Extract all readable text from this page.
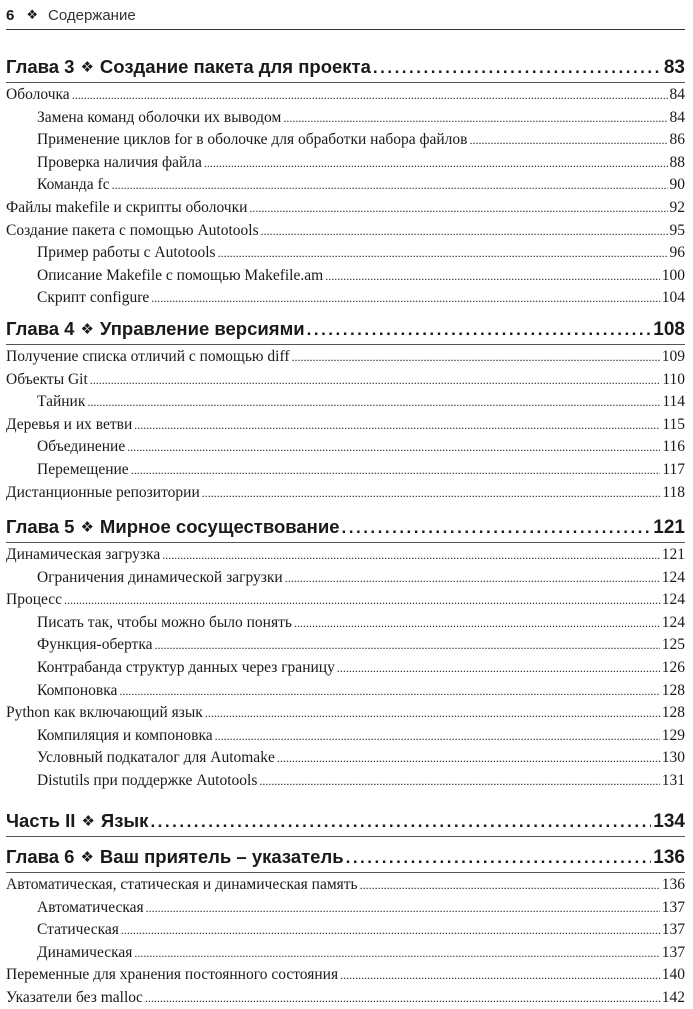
6 ❖ Содержание
Глава 3 ❖ Создание пакета для проекта .....	83
Оболочка .....	84
Замена команд оболочки их выводом .....	84
Применение циклов for в оболочке для обработки набора файлов .....	86
Проверка наличия файла .....	88
Команда fc .....	90
Файлы makefile и скрипты оболочки .....	92
Создание пакета с помощью Autotools .....	95
Пример работы с Autotools .....	96
Описание Makefile с помощью Makefile.am .....	100
Скрипт configure .....	104
Глава 4 ❖ Управление версиями .....	108
Получение списка отличий с помощью diff .....	109
Объекты Git .....	110
Тайник .....	114
Деревья и их ветви .....	115
Объединение .....	116
Перемещение .....	117
Дистанционные репозитории .....	118
Глава 5 ❖ Мирное сосуществование .....	121
Динамическая загрузка .....	121
Ограничения динамической загрузки .....	124
Процесс .....	124
Писать так, чтобы можно было понять .....	124
Функция-обертка .....	125
Контрабанда структур данных через границу .....	126
Компоновка .....	128
Python как включающий язык .....	128
Компиляция и компоновка .....	129
Условный подкаталог для Automake .....	130
Distutils при поддержке Autotools .....	131
Часть II ❖ Язык .....	134
Глава 6 ❖ Ваш приятель – указатель .....	136
Автоматическая, статическая и динамическая память .....	136
Автоматическая .....	137
Статическая .....	137
Динамическая .....	137
Переменные для хранения постоянного состояния .....	140
Указатели без malloc .....	142
